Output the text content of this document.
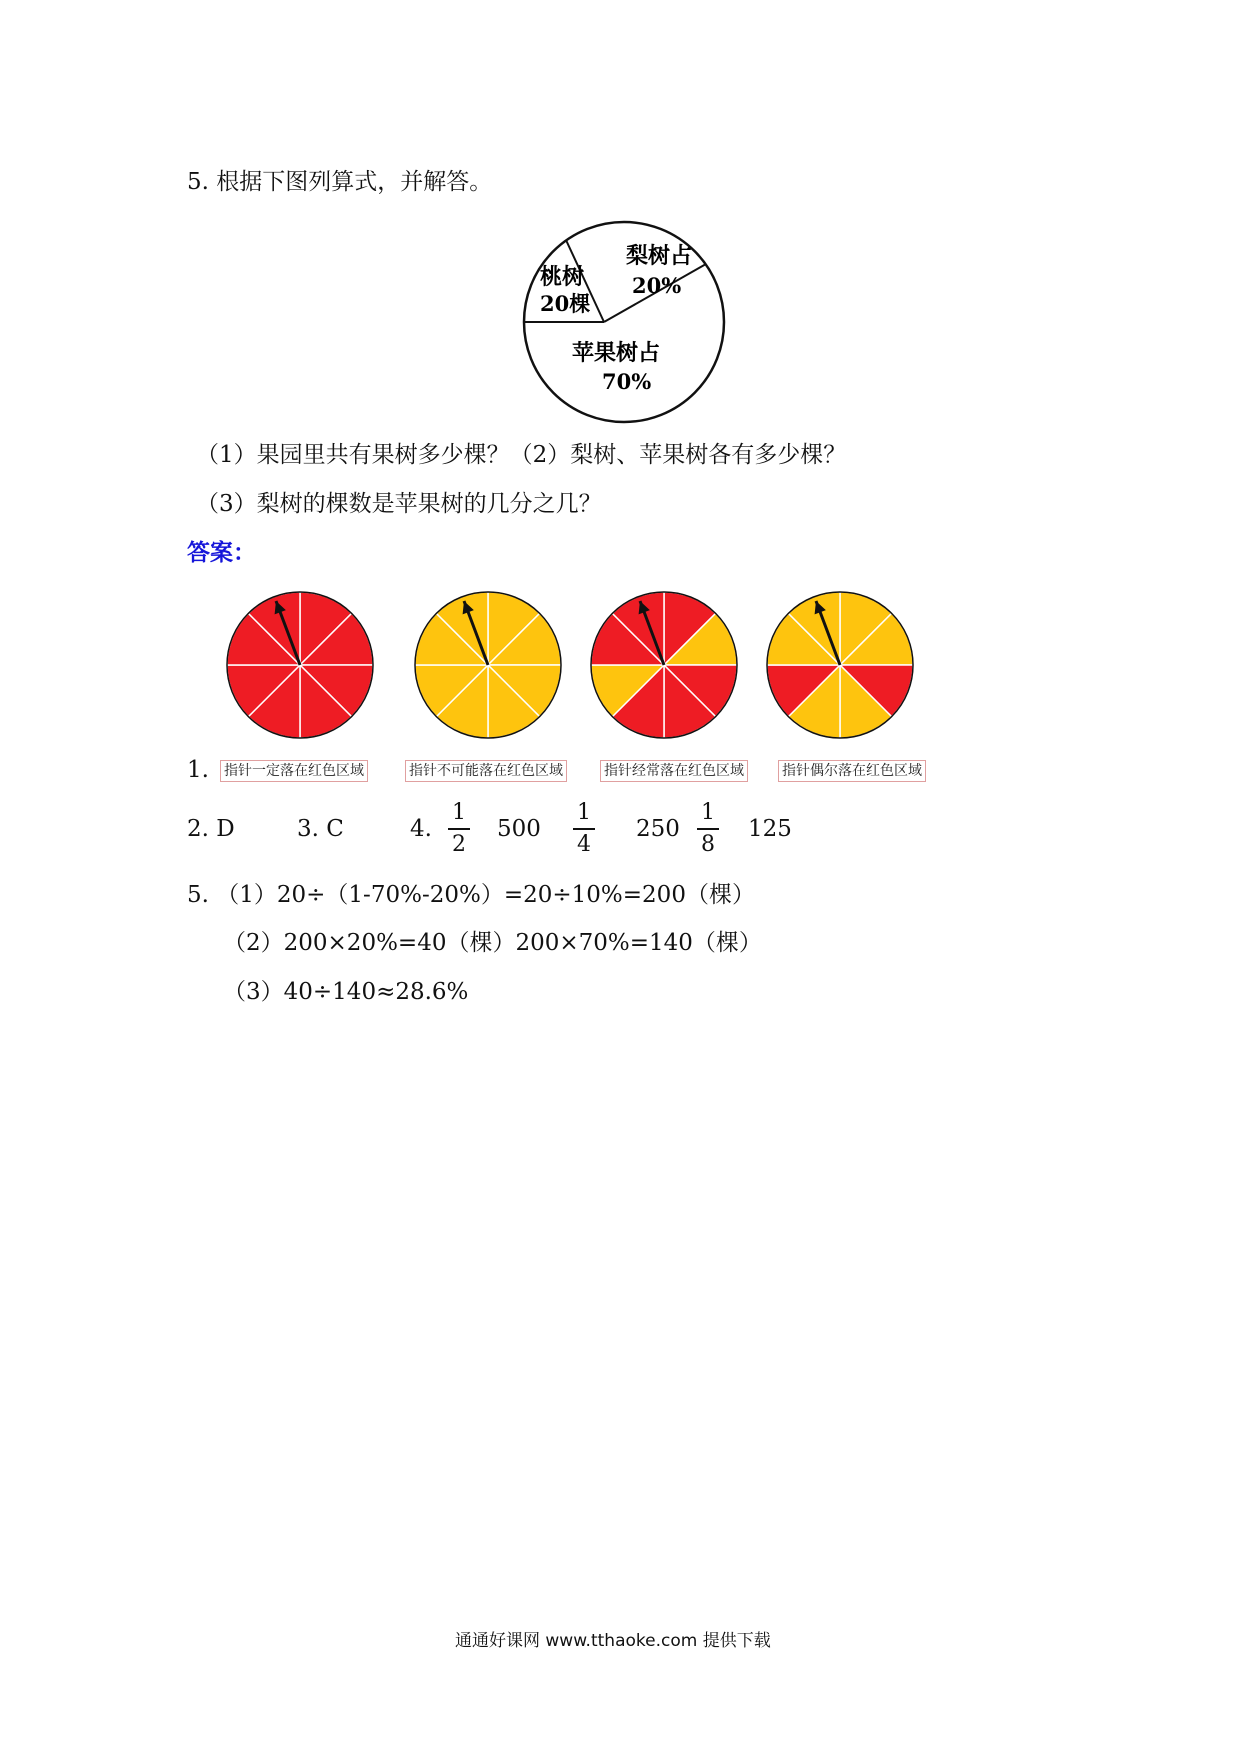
5. 根据下图列算式，并解答。
梨树占
20%
桃树
20棵
苹果树占
70%
（1）果园里共有果树多少棵？（2）梨树、苹果树各有多少棵？
（3）梨树的棵数是苹果树的几分之几？
答案：
1. 指针一定落在红色区域	指针不可能落在红色区域	指针经常落在红色区域	指针偶尔落在红色区域
2. D	3. C	4.
1
2
500
1
4
250
1
8
125
5. （1）20÷（1-70%-20%）=20÷10%=200（棵）
（2）200×20%=40（棵）200×70%=140（棵）
（3）40÷140≈28.6%
通通好课网 www.tthaoke.com 提供下载
